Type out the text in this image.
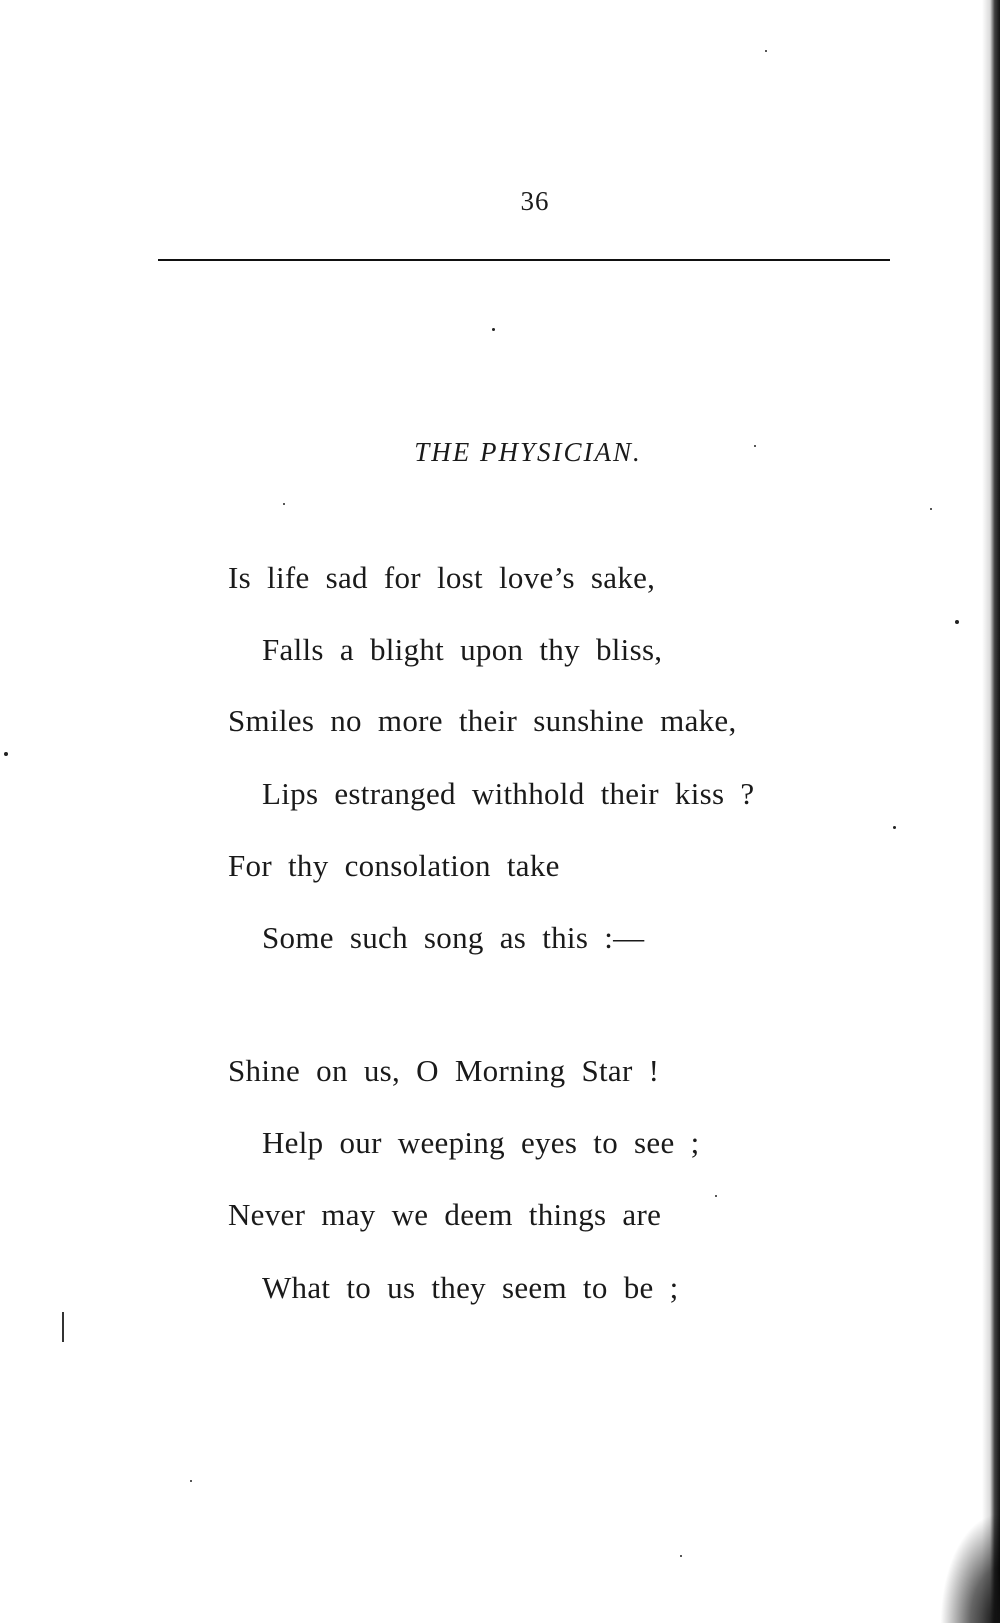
36
THE PHYSICIAN.
Is life sad for lost love’s sake,
Falls a blight upon thy bliss,
Smiles no more their sunshine make,
Lips estranged withhold their kiss ?
For thy consolation take
Some such song as this :—
Shine on us, O Morning Star !
Help our weeping eyes to see ;
Never may we deem things are
What to us they seem to be ;
